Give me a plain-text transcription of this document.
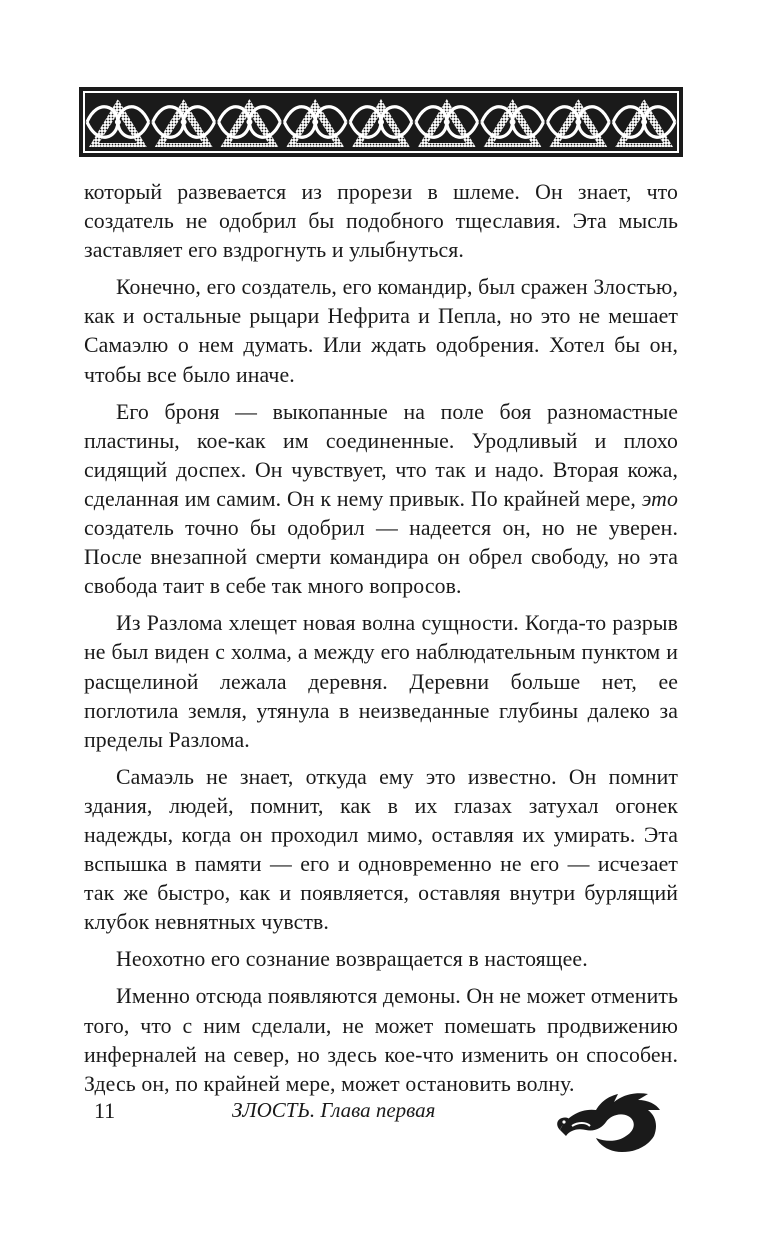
который развевается из прорези в шлеме. Он знает, что создатель не одобрил бы подобного тщеславия. Эта мысль заставляет его вздрогнуть и улыбнуться.

Конечно, его создатель, его командир, был сражен Злостью, как и остальные рыцари Нефрита и Пепла, но это не мешает Самаэлю о нем думать. Или ждать одобрения. Хотел бы он, чтобы все было иначе.

Его броня — выкопанные на поле боя разномастные пластины, кое-как им соединенные. Уродливый и плохо сидящий доспех. Он чувствует, что так и надо. Вторая кожа, сделанная им самим. Он к нему привык. По крайней мере, это создатель точно бы одобрил — надеется он, но не уверен. После внезапной смерти командира он обрел свободу, но эта свобода таит в себе так много вопросов.

Из Разлома хлещет новая волна сущности. Когда-то разрыв не был виден с холма, а между его наблюдательным пунктом и расщелиной лежала деревня. Деревни больше нет, ее поглотила земля, утянула в неизведанные глубины далеко за пределы Разлома.

Самаэль не знает, откуда ему это известно. Он помнит здания, людей, помнит, как в их глазах затухал огонек надежды, когда он проходил мимо, оставляя их умирать. Эта вспышка в памяти — его и одновременно не его — исчезает так же быстро, как и появляется, оставляя внутри бурлящий клубок невнятных чувств.

Неохотно его сознание возвращается в настоящее.

Именно отсюда появляются демоны. Он не может отменить того, что с ним сделали, не может помешать продвижению инферналей на север, но здесь кое-что изменить он способен. Здесь он, по крайней мере, может остановить волну.

11	ЗЛОСТЬ. Глава первая
